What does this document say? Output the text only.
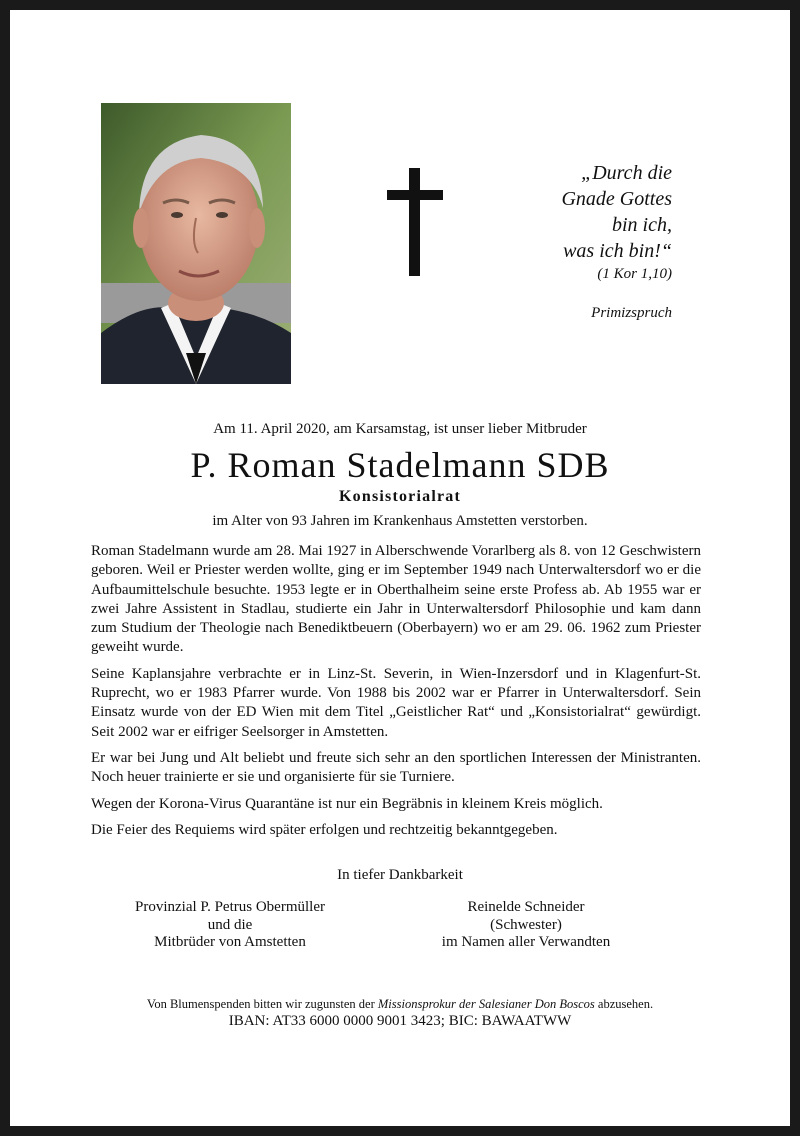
„Durch die
Gnade Gottes
bin ich,
was ich bin!“
(1 Kor 1,10)
Primizspruch
Am 11. April 2020, am Karsamstag, ist unser lieber Mitbruder
P. Roman Stadelmann SDB
Konsistorialrat
im Alter von 93 Jahren im Krankenhaus Amstetten verstorben.

Roman Stadelmann wurde am 28. Mai 1927 in Alberschwende Vorarlberg als 8. von 12 Geschwistern geboren. Weil er Priester werden wollte, ging er im September 1949 nach Unterwaltersdorf wo er die Aufbaumittelschule besuchte. 1953 legte er in Oberthalheim seine erste Profess ab. Ab 1955 war er zwei Jahre Assistent in Stadlau, studierte ein Jahr in Unterwaltersdorf Philosophie und kam dann zum Studium der Theologie nach Benediktbeuern (Oberbayern) wo er am 29. 06. 1962 zum Priester geweiht wurde.

Seine Kaplansjahre verbrachte er in Linz-St. Severin, in Wien-Inzersdorf und in Klagenfurt-St. Ruprecht, wo er 1983 Pfarrer wurde. Von 1988 bis 2002 war er Pfarrer in Unterwaltersdorf. Sein Einsatz wurde von der ED Wien mit dem Titel „Geistlicher Rat“ und „Konsistorialrat“ gewürdigt. Seit 2002 war er eifriger Seelsorger in Amstetten.

Er war bei Jung und Alt beliebt und freute sich sehr an den sportlichen Interessen der Ministranten. Noch heuer trainierte er sie und organisierte für sie Turniere.

Wegen der Korona-Virus Quarantäne ist nur ein Begräbnis in kleinem Kreis möglich.

Die Feier des Requiems wird später erfolgen und rechtzeitig bekanntgegeben.

In tiefer Dankbarkeit
Provinzial P. Petrus Obermüller
und die
Mitbrüder von Amstetten
Reinelde Schneider
(Schwester)
im Namen aller Verwandten
Von Blumenspenden bitten wir zugunsten der Missionsprokur der Salesianer Don Boscos abzusehen.
IBAN: AT33 6000 0000 9001 3423; BIC: BAWAATWW
